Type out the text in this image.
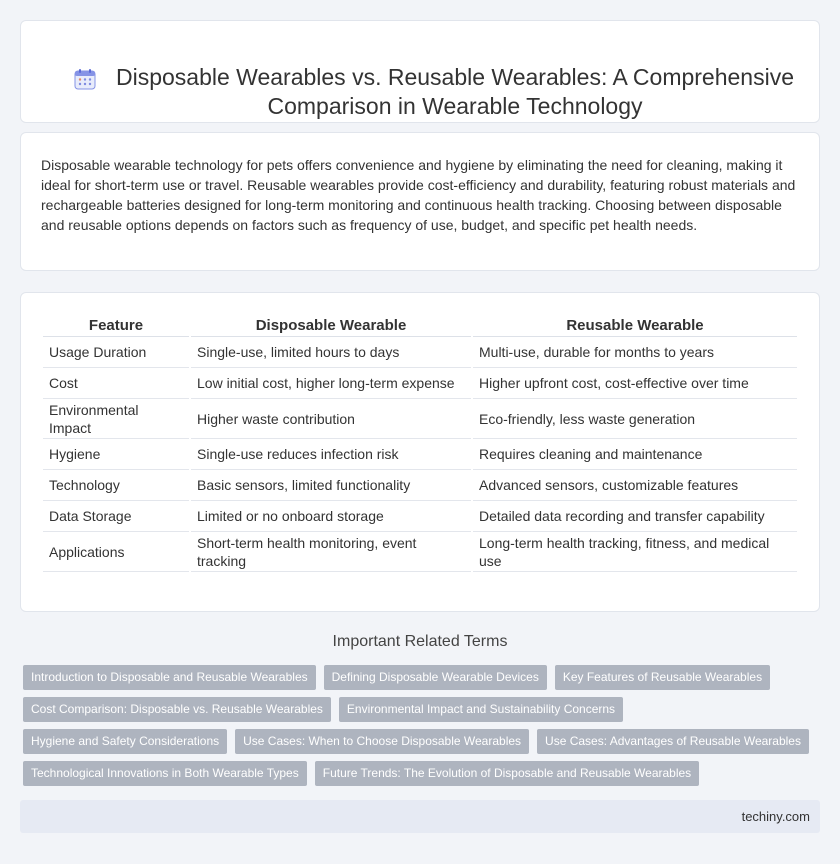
Disposable Wearables vs. Reusable Wearables: A Comprehensive Comparison in Wearable Technology

Disposable wearable technology for pets offers convenience and hygiene by eliminating the need for cleaning, making it ideal for short-term use or travel. Reusable wearables provide cost-efficiency and durability, featuring robust materials and rechargeable batteries designed for long-term monitoring and continuous health tracking. Choosing between disposable and reusable options depends on factors such as frequency of use, budget, and specific pet health needs.

Feature	Disposable Wearable	Reusable Wearable
Usage Duration	Single-use, limited hours to days	Multi-use, durable for months to years
Cost	Low initial cost, higher long-term expense	Higher upfront cost, cost-effective over time
Environmental Impact	Higher waste contribution	Eco-friendly, less waste generation
Hygiene	Single-use reduces infection risk	Requires cleaning and maintenance
Technology	Basic sensors, limited functionality	Advanced sensors, customizable features
Data Storage	Limited or no onboard storage	Detailed data recording and transfer capability
Applications	Short-term health monitoring, event tracking	Long-term health tracking, fitness, and medical use
Important Related Terms
Introduction to Disposable and Reusable Wearables	Defining Disposable Wearable Devices	Key Features of Reusable Wearables
Cost Comparison: Disposable vs. Reusable Wearables	Environmental Impact and Sustainability Concerns
Hygiene and Safety Considerations	Use Cases: When to Choose Disposable Wearables	Use Cases: Advantages of Reusable Wearables
Technological Innovations in Both Wearable Types	Future Trends: The Evolution of Disposable and Reusable Wearables
techiny.com
